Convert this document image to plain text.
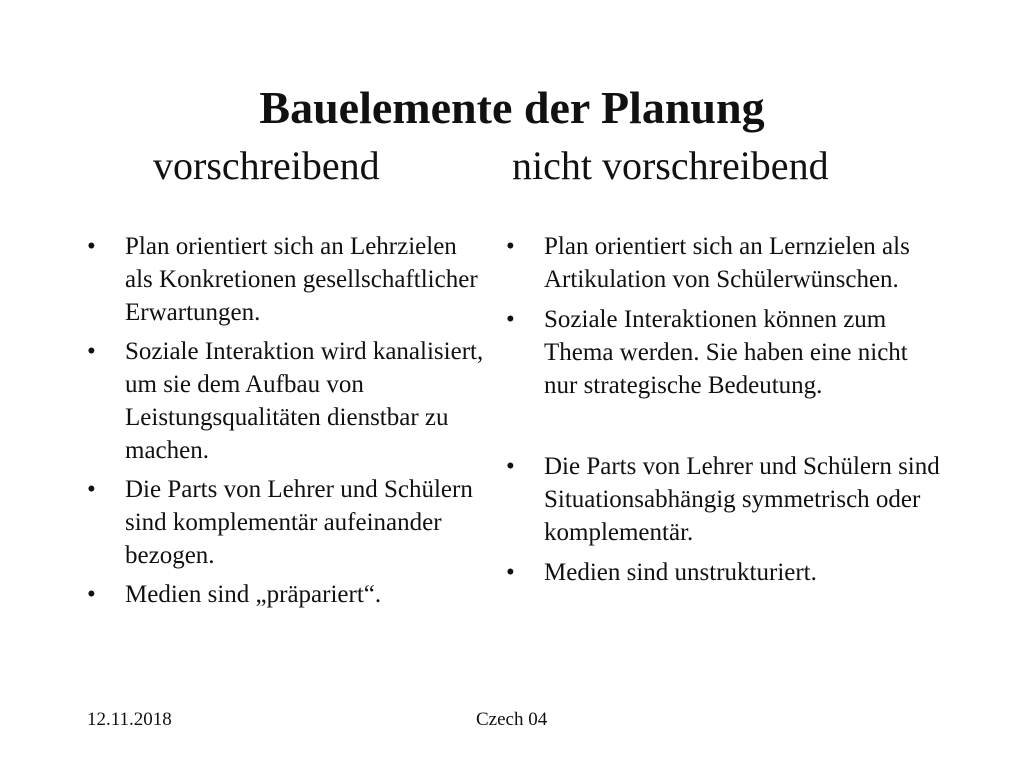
Bauelemente der Planung
vorschreibend	nicht vorschreibend
• Plan orientiert sich an Lehrzielen als Konkretionen gesellschaftlicher Erwartungen.
• Soziale Interaktion wird kanalisiert, um sie dem Aufbau von Leistungsqualitäten dienstbar zu machen.
• Die Parts von Lehrer und Schülern sind komplementär aufeinander bezogen.
• Medien sind „präpariert“.
• Plan orientiert sich an Lernzielen als Artikulation von Schülerwünschen.
• Soziale Interaktionen können zum Thema werden. Sie haben eine nicht nur strategische Bedeutung.
• Die Parts von Lehrer und Schülern sind Situationsabhängig symmetrisch oder komplementär.
• Medien sind unstrukturiert.
12.11.2018	Czech 04
